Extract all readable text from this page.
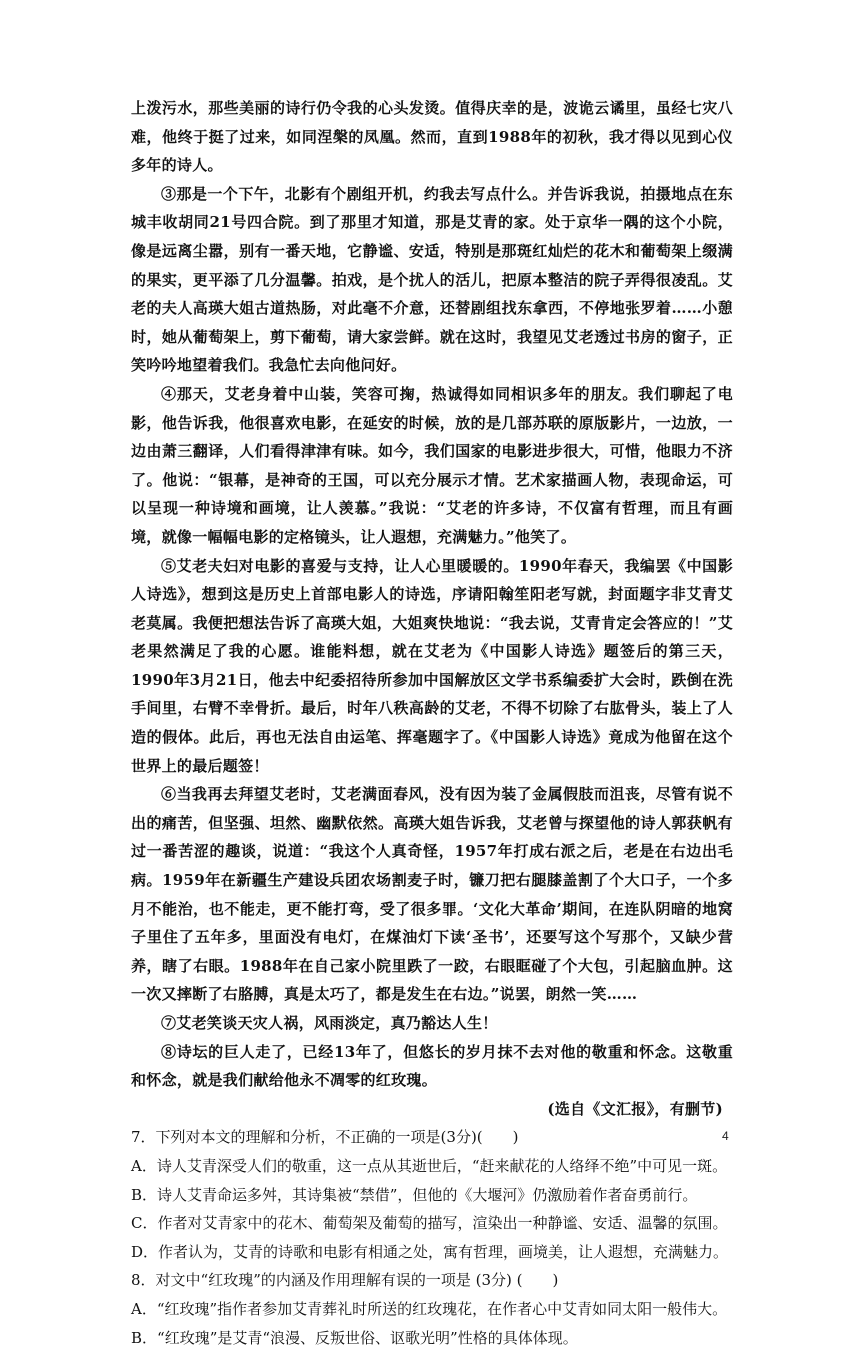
上泼污水，那些美丽的诗行仍令我的心头发烫。值得庆幸的是，波诡云谲里，虽经七灾八难，他终于挺了过来，如同涅槃的凤凰。然而，直到1988年的初秋，我才得以见到心仪多年的诗人。

③那是一个下午，北影有个剧组开机，约我去写点什么。并告诉我说，拍摄地点在东城丰收胡同21号四合院。到了那里才知道，那是艾青的家。处于京华一隅的这个小院，像是远离尘嚣，别有一番天地，它静谧、安适，特别是那斑红灿烂的花木和葡萄架上缀满的果实，更平添了几分温馨。拍戏，是个扰人的活儿，把原本整洁的院子弄得很凌乱。艾老的夫人高瑛大姐古道热肠，对此毫不介意，还替剧组找东拿西，不停地张罗着……小憩时，她从葡萄架上，剪下葡萄，请大家尝鲜。就在这时，我望见艾老透过书房的窗子，正笑吟吟地望着我们。我急忙去向他问好。

④那天，艾老身着中山装，笑容可掬，热诚得如同相识多年的朋友。我们聊起了电影，他告诉我，他很喜欢电影，在延安的时候，放的是几部苏联的原版影片，一边放，一边由萧三翻译，人们看得津津有味。如今，我们国家的电影进步很大，可惜，他眼力不济了。他说：“银幕，是神奇的王国，可以充分展示才情。艺术家描画人物，表现命运，可以呈现一种诗境和画境，让人羡慕。”我说：“艾老的许多诗，不仅富有哲理，而且有画境，就像一幅幅电影的定格镜头，让人遐想，充满魅力。”他笑了。

⑤艾老夫妇对电影的喜爱与支持，让人心里暖暖的。1990年春天，我编罢《中国影人诗选》，想到这是历史上首部电影人的诗选，序请阳翰笙阳老写就，封面题字非艾青艾老莫属。我便把想法告诉了高瑛大姐，大姐爽快地说：“我去说，艾青肯定会答应的！”艾老果然满足了我的心愿。谁能料想，就在艾老为《中国影人诗选》题签后的第三天，1990年3月21日，他去中纪委招待所参加中国解放区文学书系编委扩大会时，跌倒在洗手间里，右臂不幸骨折。最后，时年八秩高龄的艾老，不得不切除了右肱骨头，装上了人造的假体。此后，再也无法自由运笔、挥毫题字了。《中国影人诗选》竟成为他留在这个世界上的最后题签！

⑥当我再去拜望艾老时，艾老满面春风，没有因为装了金属假肢而沮丧，尽管有说不出的痛苦，但坚强、坦然、幽默依然。高瑛大姐告诉我，艾老曾与探望他的诗人郭获帆有过一番苦涩的趣谈，说道：“我这个人真奇怪，1957年打成右派之后，老是在右边出毛病。1959年在新疆生产建设兵团农场割麦子时，镰刀把右腿膝盖割了个大口子，一个多月不能治，也不能走，更不能打弯，受了很多罪。‘文化大革命’期间，在连队阴暗的地窝子里住了五年多，里面没有电灯，在煤油灯下读‘圣书’，还要写这个写那个，又缺少营养，瞎了右眼。1988年在自己家小院里跌了一跤，右眼眶碰了个大包，引起脑血肿。这一次又摔断了右胳膊，真是太巧了，都是发生在右边。”说罢，朗然一笑……

⑦艾老笑谈天灾人祸，风雨淡定，真乃豁达人生！

⑧诗坛的巨人走了，已经13年了，但悠长的岁月抹不去对他的敬重和怀念。这敬重和怀念，就是我们献给他永不凋零的红玫瑰。

(选自《文汇报》，有删节)

7．下列对本文的理解和分析，不正确的一项是(3分)(　　)

A．诗人艾青深受人们的敬重，这一点从其逝世后，“赶来献花的人络绎不绝”中可见一斑。

B．诗人艾青命运多舛，其诗集被“禁借”，但他的《大堰河》仍激励着作者奋勇前行。

C．作者对艾青家中的花木、葡萄架及葡萄的描写，渲染出一种静谧、安适、温馨的氛围。

D．作者认为，艾青的诗歌和电影有相通之处，寓有哲理，画境美，让人遐想，充满魅力。

8．对文中“红玫瑰”的内涵及作用理解有误的一项是 (3分) (　　)

A．“红玫瑰”指作者参加艾青葬礼时所送的红玫瑰花，在作者心中艾青如同太阳一般伟大。

B．“红玫瑰”是艾青“浪漫、反叛世俗、讴歌光明”性格的具体体现。

4
